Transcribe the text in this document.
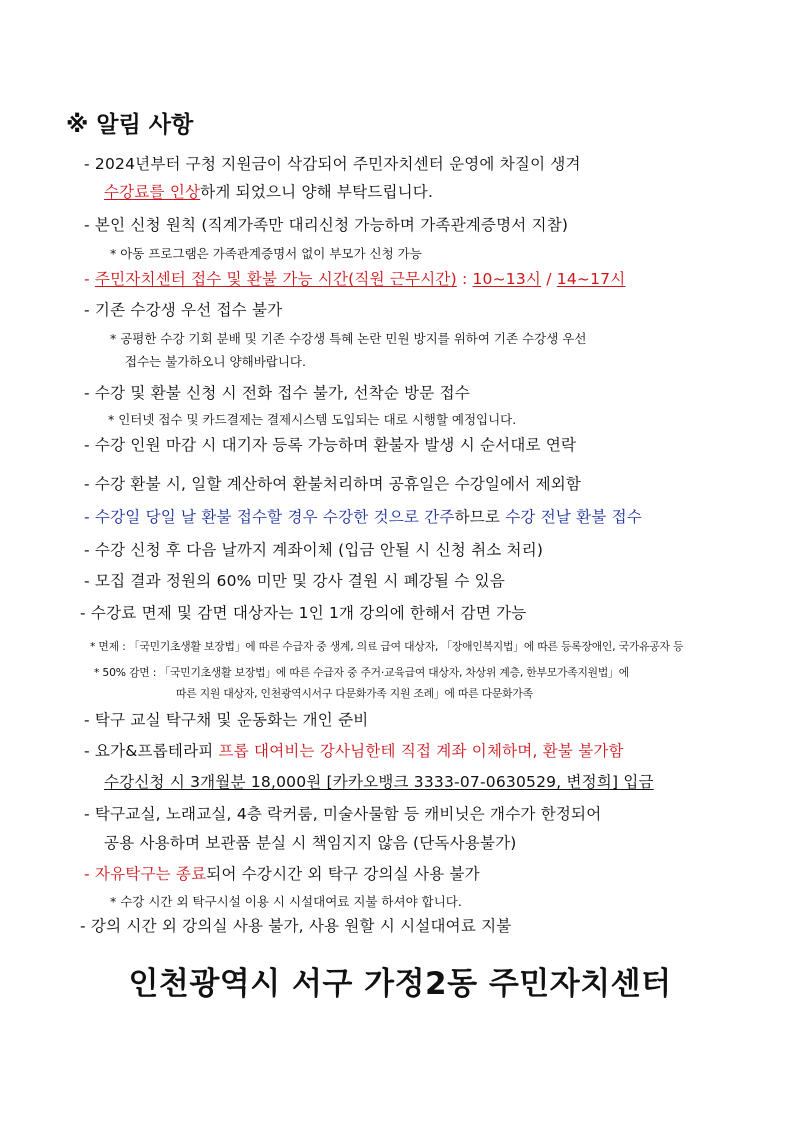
※ 알림 사항
- 2024년부터 구청 지원금이 삭감되어 주민자치센터 운영에 차질이 생겨
수강료를 인상하게 되었으니 양해 부탁드립니다.
- 본인 신청 원칙 (직계가족만 대리신청 가능하며 가족관계증명서 지참)
* 아동 프로그램은 가족관계증명서 없이 부모가 신청 가능
- 주민자치센터 접수 및 환불 가능 시간(직원 근무시간) : 10~13시 / 14~17시
- 기존 수강생 우선 접수 불가
* 공평한 수강 기회 분배 및 기존 수강생 특혜 논란 민원 방지를 위하여 기존 수강생 우선
접수는 불가하오니 양해바랍니다.
- 수강 및 환불 신청 시 전화 접수 불가, 선착순 방문 접수
* 인터넷 접수 및 카드결제는 결제시스템 도입되는 대로 시행할 예정입니다.
- 수강 인원 마감 시 대기자 등록 가능하며 환불자 발생 시 순서대로 연락
- 수강 환불 시, 일할 계산하여 환불처리하며 공휴일은 수강일에서 제외함
- 수강일 당일 날 환불 접수할 경우 수강한 것으로 간주하므로 수강 전날 환불 접수
- 수강 신청 후 다음 날까지 계좌이체 (입금 안될 시 신청 취소 처리)
- 모집 결과 정원의 60% 미만 및 강사 결원 시 폐강될 수 있음
- 수강료 면제 및 감면 대상자는 1인 1개 강의에 한해서 감면 가능
* 면제 : 「국민기초생활 보장법」에 따른 수급자 중 생계, 의료 급여 대상자, 「장애인복지법」에 따른 등록장애인, 국가유공자 등
* 50% 감면 : 「국민기초생활 보장법」에 따른 수급자 중 주거·교육급여 대상자, 차상위 계층, 한부모가족지원법」에
따른 지원 대상자, 인천광역시서구 다문화가족 지원 조례」에 따른 다문화가족
- 탁구 교실 탁구채 및 운동화는 개인 준비
- 요가&프롭테라피 프롭 대여비는 강사님한테 직접 계좌 이체하며, 환불 불가함
수강신청 시 3개월분 18,000원 [카카오뱅크 3333-07-0630529, 변정희] 입금
- 탁구교실, 노래교실, 4층 락커룸, 미술사물함 등 캐비닛은 개수가 한정되어
공용 사용하며 보관품 분실 시 책임지지 않음 (단독사용불가)
- 자유탁구는 종료되어 수강시간 외 탁구 강의실 사용 불가
* 수강 시간 외 탁구시설 이용 시 시설대여료 지불 하셔야 합니다.
- 강의 시간 외 강의실 사용 불가, 사용 원할 시 시설대여료 지불
인천광역시 서구 가정2동 주민자치센터
